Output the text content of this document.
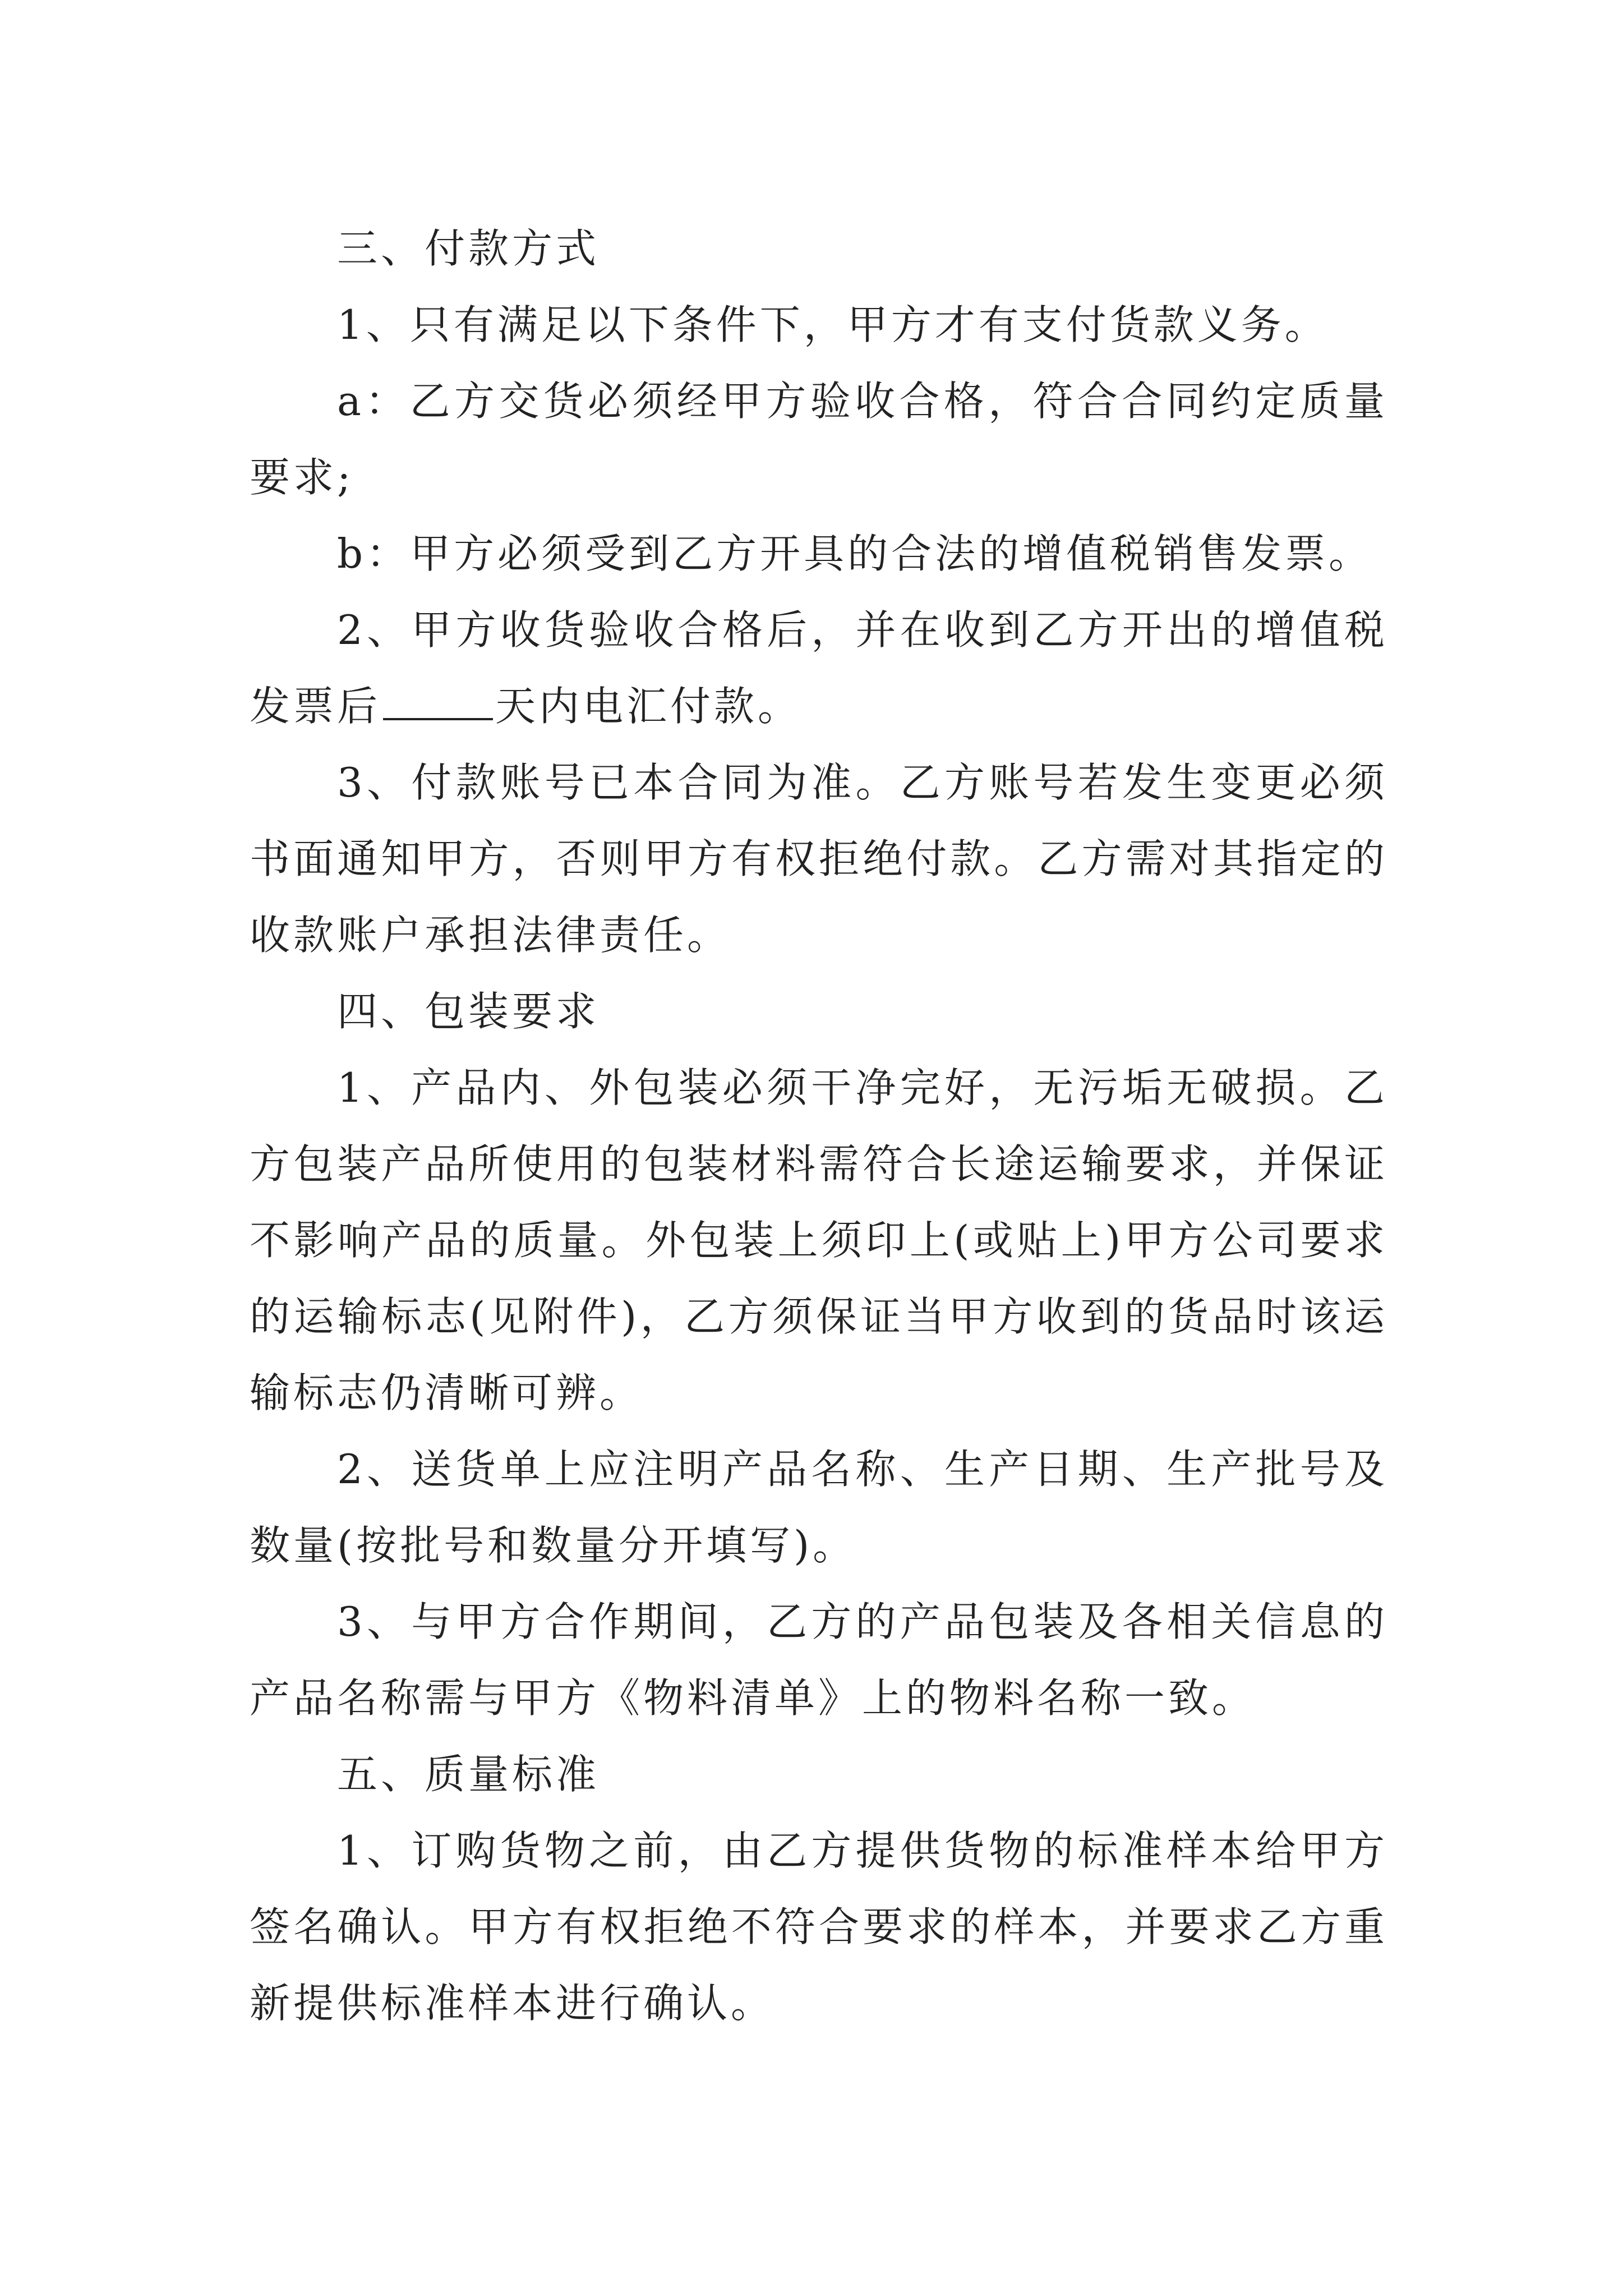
三、付款方式

1、只有满足以下条件下，甲方才有支付货款义务。

a：乙方交货必须经甲方验收合格，符合合同约定质量要求;

b：甲方必须受到乙方开具的合法的增值税销售发票。

2、甲方收货验收合格后，并在收到乙方开出的增值税发票后	天内电汇付款。

3、付款账号已本合同为准。乙方账号若发生变更必须书面通知甲方，否则甲方有权拒绝付款。乙方需对其指定的收款账户承担法律责任。

四、包装要求

1、产品内、外包装必须干净完好，无污垢无破损。乙方包装产品所使用的包装材料需符合长途运输要求，并保证不影响产品的质量。外包装上须印上(或贴上)甲方公司要求的运输标志(见附件)，乙方须保证当甲方收到的货品时该运输标志仍清晰可辨。

2、送货单上应注明产品名称、生产日期、生产批号及数量(按批号和数量分开填写)。

3、与甲方合作期间，乙方的产品包装及各相关信息的产品名称需与甲方《物料清单》上的物料名称一致。

五、质量标准

1、订购货物之前，由乙方提供货物的标准样本给甲方签名确认。甲方有权拒绝不符合要求的样本，并要求乙方重新提供标准样本进行确认。
